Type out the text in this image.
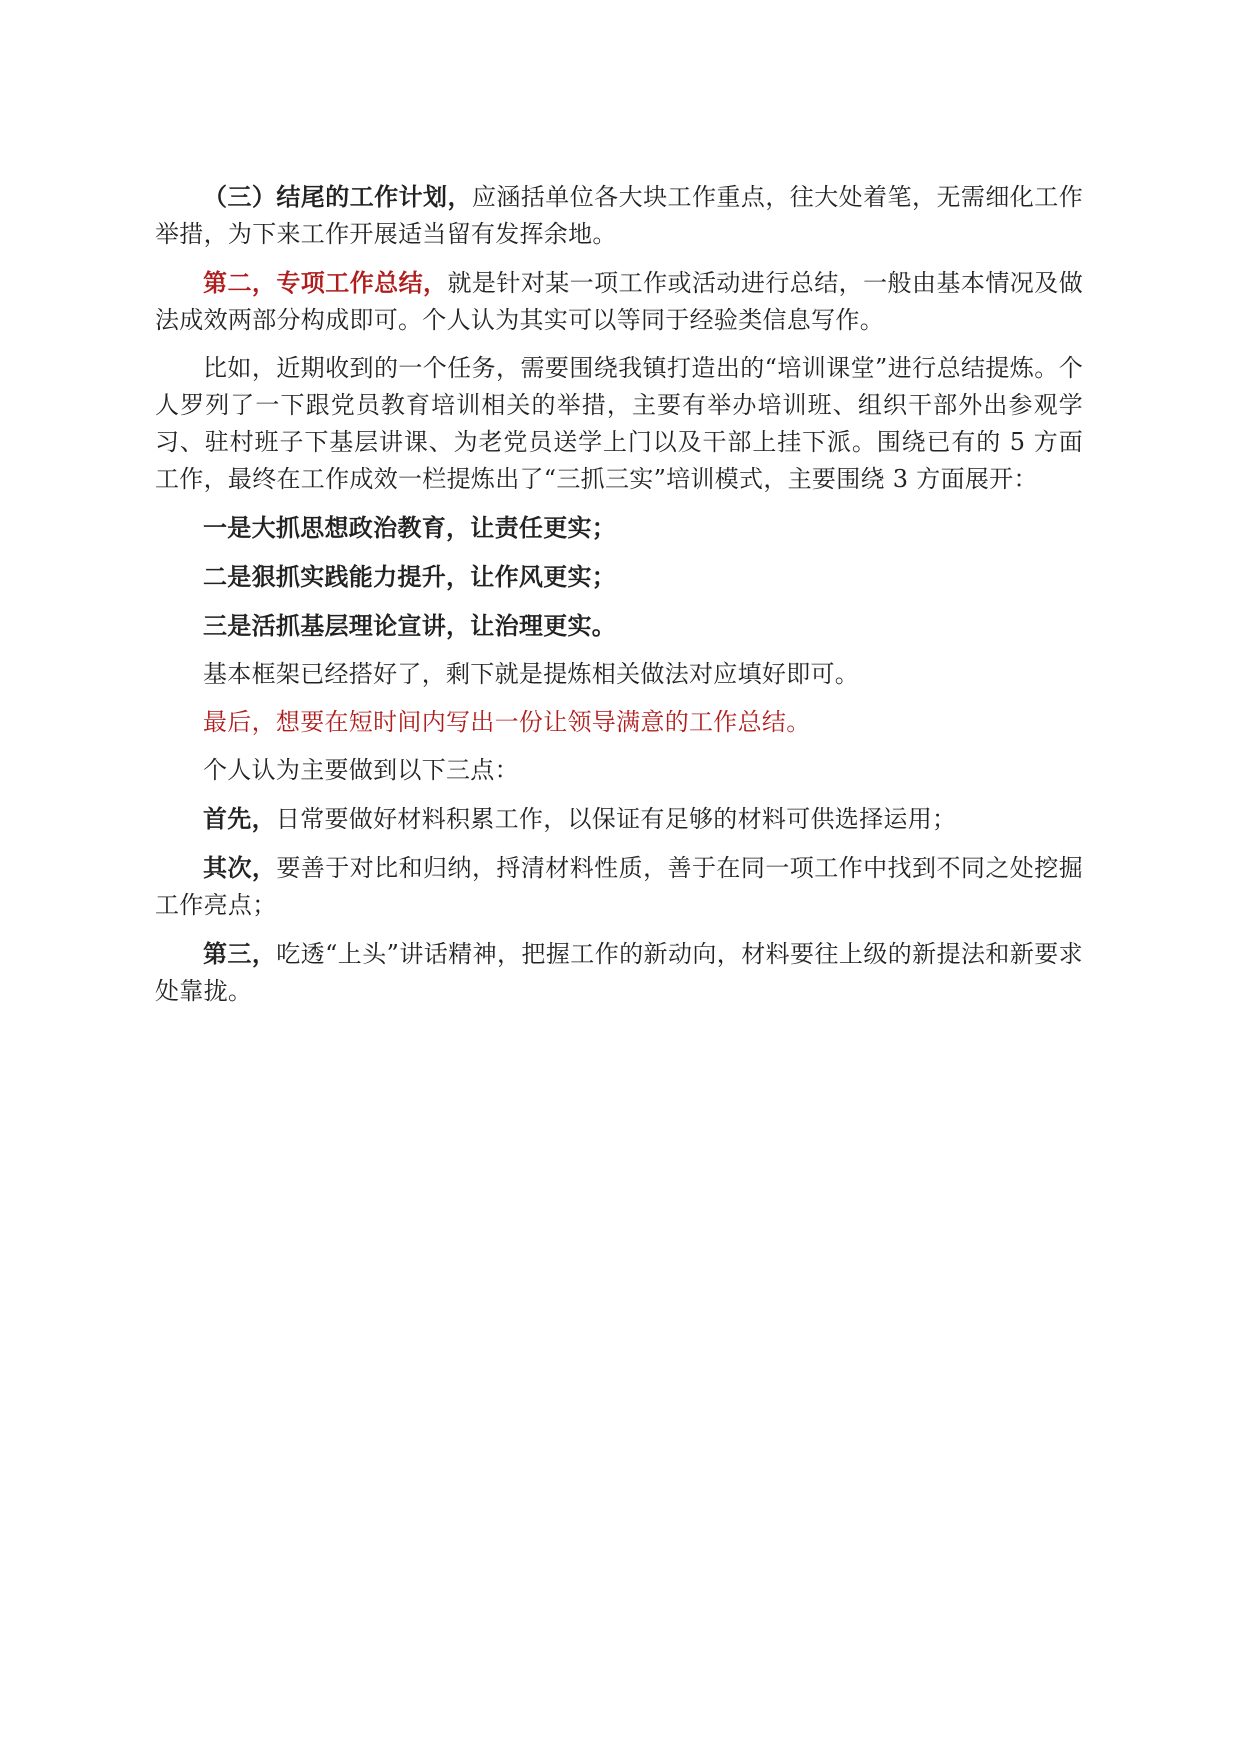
（三）结尾的工作计划，应涵括单位各大块工作重点，往大处着笔，无需细化工作举措，为下来工作开展适当留有发挥余地。

第二，专项工作总结，就是针对某一项工作或活动进行总结，一般由基本情况及做法成效两部分构成即可。个人认为其实可以等同于经验类信息写作。

比如，近期收到的一个任务，需要围绕我镇打造出的“培训课堂”进行总结提炼。个人罗列了一下跟党员教育培训相关的举措，主要有举办培训班、组织干部外出参观学习、驻村班子下基层讲课、为老党员送学上门以及干部上挂下派。围绕已有的 5 方面工作，最终在工作成效一栏提炼出了“三抓三实”培训模式，主要围绕 3 方面展开：

一是大抓思想政治教育，让责任更实；

二是狠抓实践能力提升，让作风更实；

三是活抓基层理论宣讲，让治理更实。

基本框架已经搭好了，剩下就是提炼相关做法对应填好即可。

最后，想要在短时间内写出一份让领导满意的工作总结。

个人认为主要做到以下三点：

首先，日常要做好材料积累工作，以保证有足够的材料可供选择运用；

其次，要善于对比和归纳，捋清材料性质，善于在同一项工作中找到不同之处挖掘工作亮点；

第三，吃透“上头”讲话精神，把握工作的新动向，材料要往上级的新提法和新要求处靠拢。
